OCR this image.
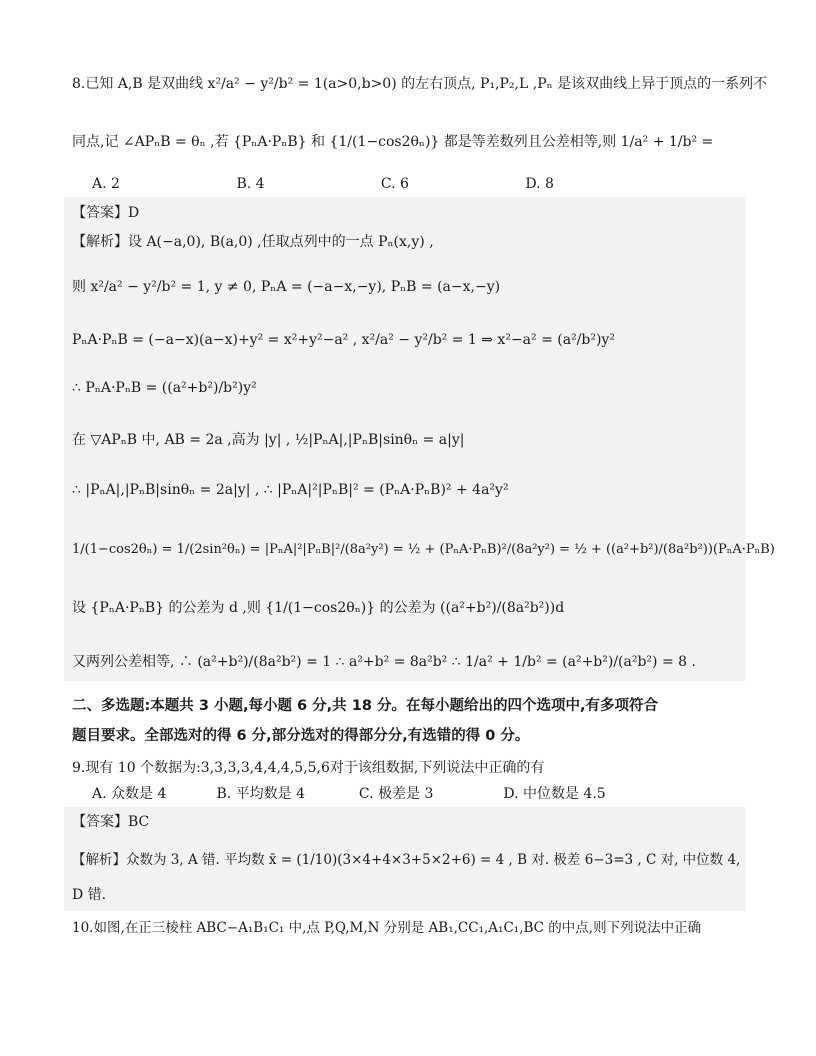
8.已知 A,B 是双曲线 x²/a² − y²/b² = 1(a>0,b>0) 的左右顶点, P₁,P₂,L ,Pₙ 是该双曲线上异于顶点的一系列不
同点,记 ∠APₙB = θₙ ,若 {PₙA·PₙB} 和 {1/(1−cos2θₙ)} 都是等差数列且公差相等,则 1/a² + 1/b² =
A. 2	B. 4	C. 6	D. 8
【答案】D
【解析】设 A(−a,0), B(a,0) ,任取点列中的一点 Pₙ(x,y) ,
则 x²/a² − y²/b² = 1, y ≠ 0, PₙA = (−a−x,−y), PₙB = (a−x,−y)
PₙA·PₙB = (−a−x)(a−x)+y² = x²+y²−a² , x²/a² − y²/b² = 1 ⇒ x²−a² = (a²/b²)y²
∴ PₙA·PₙB = ((a²+b²)/b²)y²
在 ▽APₙB 中, AB = 2a ,高为 |y| , ½|PₙA|,|PₙB|sinθₙ = a|y|
∴ |PₙA|,|PₙB|sinθₙ = 2a|y| , ∴ |PₙA|²|PₙB|² = (PₙA·PₙB)² + 4a²y²
1/(1−cos2θₙ) = 1/(2sin²θₙ) = |PₙA|²|PₙB|²/(8a²y²) = ½ + (PₙA·PₙB)²/(8a²y²) = ½ + ((a²+b²)/(8a²b²))(PₙA·PₙB)
设 {PₙA·PₙB} 的公差为 d ,则 {1/(1−cos2θₙ)} 的公差为 ((a²+b²)/(8a²b²))d
又两列公差相等, ∴ (a²+b²)/(8a²b²) = 1 ∴ a²+b² = 8a²b² ∴ 1/a² + 1/b² = (a²+b²)/(a²b²) = 8 .
二、多选题:本题共 3 小题,每小题 6 分,共 18 分。在每小题给出的四个选项中,有多项符合
题目要求。全部选对的得 6 分,部分选对的得部分分,有选错的得 0 分。
9.现有 10 个数据为:3,3,3,3,4,4,4,5,5,6对于该组数据,下列说法中正确的有
A. 众数是 4	B. 平均数是 4	C. 极差是 3	D. 中位数是 4.5
【答案】BC
【解析】众数为 3, A 错. 平均数 x̄ = (1/10)(3×4+4×3+5×2+6) = 4 , B 对. 极差 6−3=3 , C 对, 中位数 4,
D 错.
10.如图,在正三棱柱 ABC−A₁B₁C₁ 中,点 P,Q,M,N 分别是 AB₁,CC₁,A₁C₁,BC 的中点,则下列说法中正确
